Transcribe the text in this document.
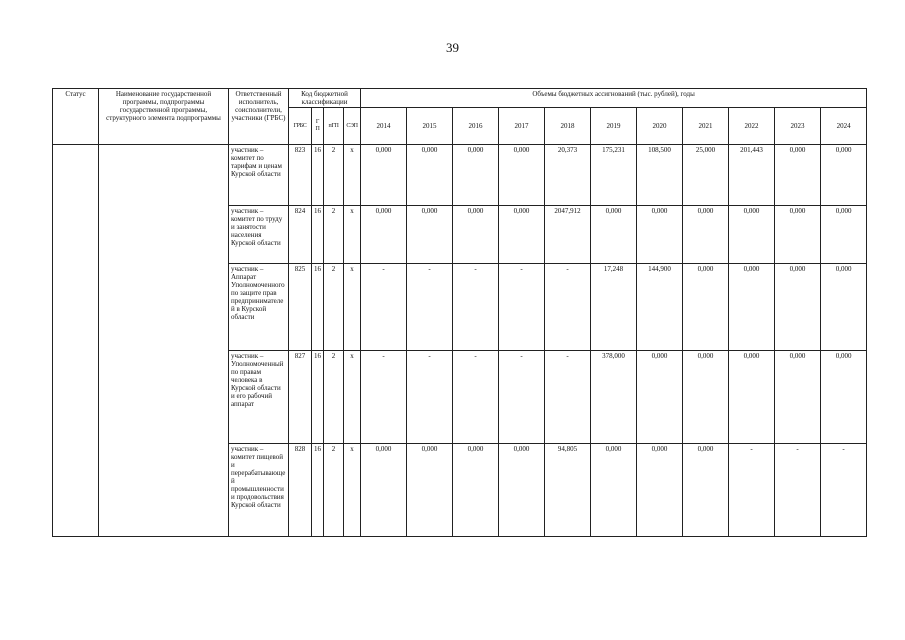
39
Статус	Наименование государственной программы, подпрограммы государственной программы, структурного элемента подпрограммы	Ответственный исполнитель, соисполнители, участники (ГРБС)	Код бюджетной классификации				Объемы бюджетных ассигнований (тыс. рублей), годы										
			ГРБС	ГП	пГП	СЭП	2014	2015	2016	2017	2018	2019	2020	2021	2022	2023	2024
		участник – комитет по тарифам и ценам Курской области	823	16	2	х	0,000	0,000	0,000	0,000	20,373	175,231	108,500	25,000	201,443	0,000	0,000
		участник – комитет по труду и занятости населения Курской области	824	16	2	х	0,000	0,000	0,000	0,000	2047,912	0,000	0,000	0,000	0,000	0,000	0,000
		участник – Аппарат Уполномоченного по защите прав предпринимателей в Курской области	825	16	2	х	-	-	-	-	-	17,248	144,900	0,000	0,000	0,000	0,000
		участник – Уполномоченный по правам человека в Курской области и его рабочий аппарат	827	16	2	х	-	-	-	-	-	378,000	0,000	0,000	0,000	0,000	0,000
		участник – комитет пищевой и перерабатывающей промышленности и продовольствия Курской области	828	16	2	х	0,000	0,000	0,000	0,000	94,805	0,000	0,000	0,000	-	-	-
